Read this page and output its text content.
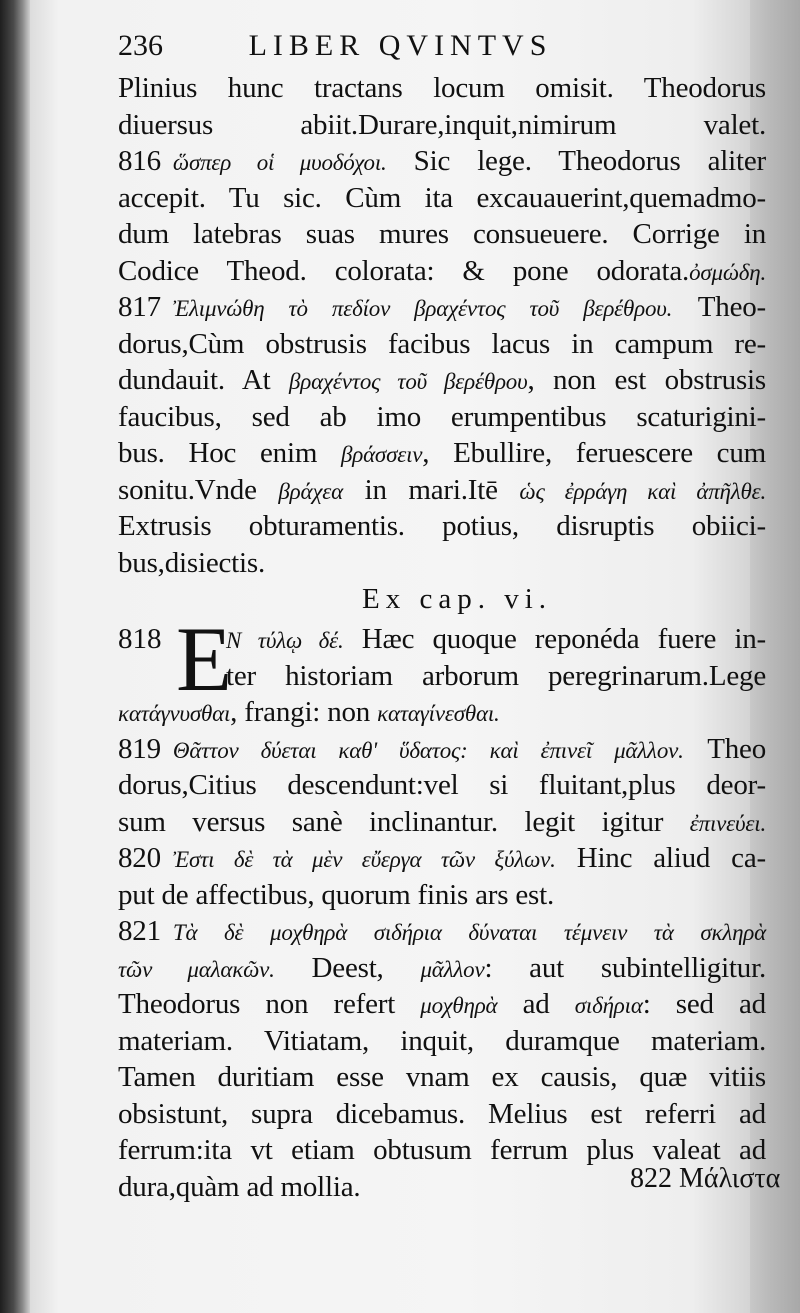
236	LIBER QVINTVS
Plinius hunc tractans locum omisit. Theodorus
diuersus abiit.Durare,inquit,nimirum valet.
816 ὥσπερ οἱ μυοδόχοι. Sic lege. Theodorus aliter
accepit. Tu sic. Cùm ita excauauerint,quemadmo-
dum latebras suas mures consueuere. Corrige in
Codice Theod. colorata: & pone odorata.ὀσμώδη.
817 Ἐλιμνώθη τὸ πεδίον βραχέντος τοῦ βερέθρου. Theo-
dorus,Cùm obstrusis facibus lacus in campum re-
dundauit. At βραχέντος τοῦ βερέθρου, non est obstrusis
faucibus, sed ab imo erumpentibus scaturigini-
bus. Hoc enim βράσσειν, Ebullire, feruescere cum
sonitu.Vnde βράχεα in mari.Itē ὡς ἐρράγη καὶ ἀπῆλθε.
Extrusis obturamentis. potius, disruptis obiici-
bus,disiectis.
Ex cap. vi.
818 E
N τύλῳ δέ. Hæc quoque reponéda fuere in-
ter historiam arborum peregrinarum.Lege
κατάγνυσθαι, frangi: non καταγίνεσθαι.
819 Θᾶττον δύεται καθ' ὕδατος: καὶ ἐπινεῖ μᾶλλον. Theo
dorus,Citius descendunt:vel si fluitant,plus deor-
sum versus sanè inclinantur. legit igitur ἐπινεύει.
820 Ἐστι δὲ τὰ μὲν εὔεργα τῶν ξύλων. Hinc aliud ca-
put de affectibus, quorum finis ars est.
821 Τὰ δὲ μοχθηρὰ σιδήρια δύναται τέμνειν τὰ σκληρὰ
τῶν μαλακῶν. Deest, μᾶλλον: aut subintelligitur.
Theodorus non refert μοχθηρὰ ad σιδήρια: sed ad
materiam. Vitiatam, inquit, duramque materiam.
Tamen duritiam esse vnam ex causis, quæ vitiis
obsistunt, supra dicebamus. Melius est referri ad
ferrum:ita vt etiam obtusum ferrum plus valeat ad
dura,quàm ad mollia.	822 Μάλιστα
